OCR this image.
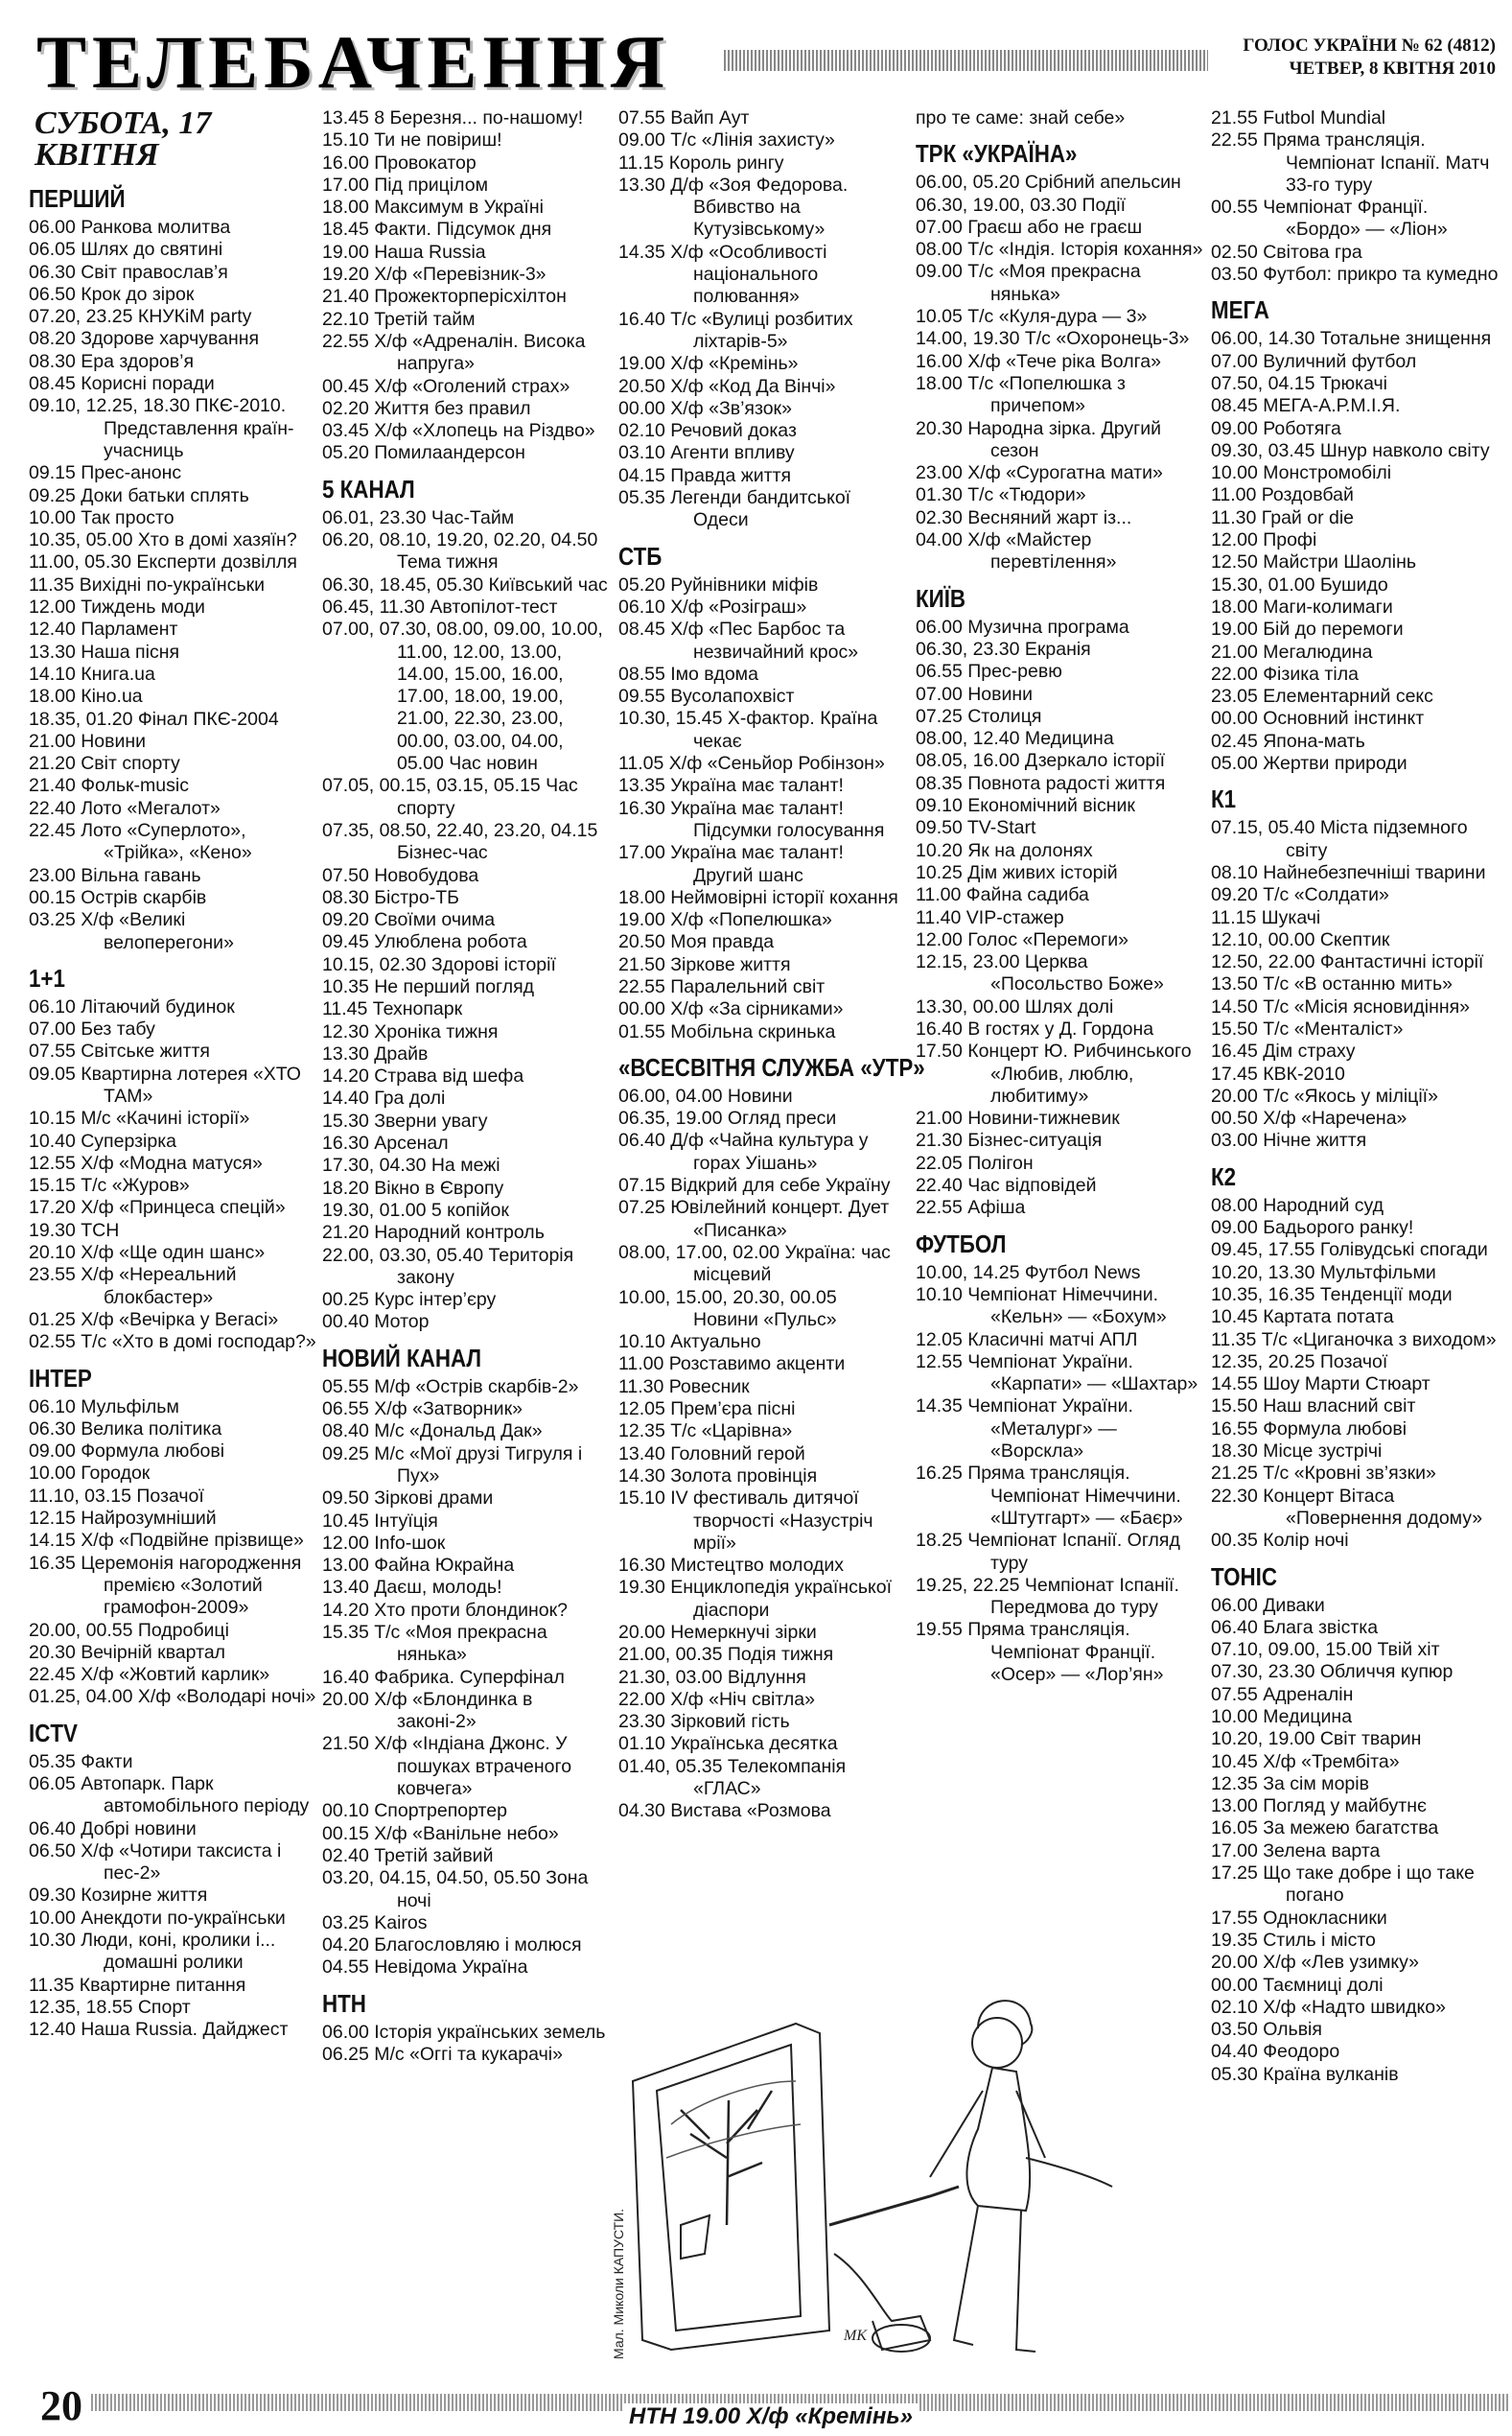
ТЕЛЕБАЧЕННЯ	ГОЛОС УКРАЇНИ № 62 (4812)
ЧЕТВЕР, 8 КВІТНЯ 2010
СУБОТА, 17 КВІТНЯ
ПЕРШИЙ
06.00 Ранкова молитва
06.05 Шлях до святині
06.30 Світ православ’я
06.50 Крок до зірок
07.20, 23.25 КНУКіМ party
08.20 Здорове харчування
08.30 Ера здоров’я
08.45 Корисні поради
09.10, 12.25, 18.30 ПКЄ-2010. Представлення країн-учасниць
09.15 Прес-анонс
09.25 Доки батьки сплять
10.00 Так просто
10.35, 05.00 Хто в домі хазяїн?
11.00, 05.30 Експерти дозвілля
11.35 Вихідні по-українськи
12.00 Тиждень моди
12.40 Парламент
13.30 Наша пісня
14.10 Книга.ua
18.00 Кіно.ua
18.35, 01.20 Фінал ПКЄ-2004
21.00 Новини
21.20 Світ спорту
21.40 Фольк-music
22.40 Лото «Мегалот»
22.45 Лото «Суперлото», «Трійка», «Кено»
23.00 Вільна гавань
00.15 Острів скарбів
03.25 Х/ф «Великі велоперегони»
1+1
06.10 Літаючий будинок
07.00 Без табу
07.55 Світське життя
09.05 Квартирна лотерея «ХТО ТАМ»
10.15 М/с «Качині історії»
10.40 Суперзірка
12.55 Х/ф «Модна матуся»
15.15 Т/с «Журов»
17.20 Х/ф «Принцеса спецій»
19.30 ТСН
20.10 Х/ф «Ще один шанс»
23.55 Х/ф «Нереальний блокбастер»
01.25 Х/ф «Вечірка у Вегасі»
02.55 Т/с «Хто в домі господар?»
ІНТЕР
06.10 Мульфільм
06.30 Велика політика
09.00 Формула любові
10.00 Городок
11.10, 03.15 Позачої
12.15 Найрозумніший
14.15 Х/ф «Подвійне прізвище»
16.35 Церемонія нагородження премією «Золотий грамофон-2009»
20.00, 00.55 Подробиці
20.30 Вечірній квартал
22.45 Х/ф «Жовтий карлик»
01.25, 04.00 Х/ф «Володарі ночі»
ICTV
05.35 Факти
06.05 Автопарк. Парк автомобільного періоду
06.40 Добрі новини
06.50 Х/ф «Чотири таксиста і пес-2»
09.30 Козирне життя
10.00 Анекдоти по-українськи
10.30 Люди, коні, кролики і... домашні ролики
11.35 Квартирне питання
12.35, 18.55 Спорт
12.40 Наша Russia. Дайджест
13.45 8 Березня... по-нашому!
15.10 Ти не повіриш!
16.00 Провокатор
17.00 Під прицілом
18.00 Максимум в Україні
18.45 Факти. Підсумок дня
19.00 Наша Russia
19.20 Х/ф «Перевізник-3»
21.40 Прожекторперісхілтон
22.10 Третій тайм
22.55 Х/ф «Адреналін. Висока напруга»
00.45 Х/ф «Оголений страх»
02.20 Життя без правил
03.45 Х/ф «Хлопець на Різдво»
05.20 Помилаандерсон
5 КАНАЛ
06.01, 23.30 Час-Тайм
06.20, 08.10, 19.20, 02.20, 04.50 Тема тижня
06.30, 18.45, 05.30 Київський час
06.45, 11.30 Автопілот-тест
07.00, 07.30, 08.00, 09.00, 10.00, 11.00, 12.00, 13.00, 14.00, 15.00, 16.00, 17.00, 18.00, 19.00, 21.00, 22.30, 23.00, 00.00, 03.00, 04.00, 05.00 Час новин
07.05, 00.15, 03.15, 05.15 Час спорту
07.35, 08.50, 22.40, 23.20, 04.15 Бізнес-час
07.50 Новобудова
08.30 Бістро-ТБ
09.20 Своїми очима
09.45 Улюблена робота
10.15, 02.30 Здорові історії
10.35 Не перший погляд
11.45 Технопарк
12.30 Хроніка тижня
13.30 Драйв
14.20 Страва від шефа
14.40 Гра долі
15.30 Зверни увагу
16.30 Арсенал
17.30, 04.30 На межі
18.20 Вікно в Європу
19.30, 01.00 5 копійок
21.20 Народний контроль
22.00, 03.30, 05.40 Територія закону
00.25 Курс інтер’єру
00.40 Мотор
НОВИЙ КАНАЛ
05.55 М/ф «Острів скарбів-2»
06.55 Х/ф «Затворник»
08.40 М/с «Дональд Дак»
09.25 М/с «Мої друзі Тигруля і Пух»
09.50 Зіркові драми
10.45 Інтуїція
12.00 Info-шок
13.00 Файна Юкрайна
13.40 Даєш, молодь!
14.20 Хто проти блондинок?
15.35 Т/с «Моя прекрасна нянька»
16.40 Фабрика. Суперфінал
20.00 Х/ф «Блондинка в законі-2»
21.50 Х/ф «Індіана Джонс. У пошуках втраченого ковчега»
00.10 Спортрепортер
00.15 Х/ф «Ванільне небо»
02.40 Третій зайвий
03.20, 04.15, 04.50, 05.50 Зона ночі
03.25 Kairos
04.20 Благословляю і молюся
04.55 Невідома Україна
НТН
06.00 Історія українських земель
06.25 М/с «Оггі та кукарачі»
07.55 Вайп Аут
09.00 Т/с «Лінія захисту»
11.15 Король рингу
13.30 Д/ф «Зоя Федорова. Вбивство на Кутузівському»
14.35 Х/ф «Особливості національного полювання»
16.40 Т/с «Вулиці розбитих ліхтарів-5»
19.00 Х/ф «Кремінь»
20.50 Х/ф «Код Да Вінчі»
00.00 Х/ф «Зв’язок»
02.10 Речовий доказ
03.10 Агенти впливу
04.15 Правда життя
05.35 Легенди бандитської Одеси
СТБ
05.20 Руйнівники міфів
06.10 Х/ф «Розіграш»
08.45 Х/ф «Пес Барбос та незвичайний крос»
08.55 Імо вдома
09.55 Вусолапохвіст
10.30, 15.45 Х-фактор. Країна чекає
11.05 Х/ф «Сеньйор Робінзон»
13.35 Україна має талант!
16.30 Україна має талант! Підсумки голосування
17.00 Україна має талант! Другий шанс
18.00 Неймовірні історії кохання
19.00 Х/ф «Попелюшка»
20.50 Моя правда
21.50 Зіркове життя
22.55 Паралельний світ
00.00 Х/ф «За сірниками»
01.55 Мобільна скринька
«ВСЕСВІТНЯ СЛУЖБА «УТР»
06.00, 04.00 Новини
06.35, 19.00 Огляд преси
06.40 Д/ф «Чайна культура у горах Уішань»
07.15 Відкрий для себе Україну
07.25 Ювілейний концерт. Дует «Писанка»
08.00, 17.00, 02.00 Україна: час місцевий
10.00, 15.00, 20.30, 00.05 Новини «Пульс»
10.10 Актуально
11.00 Розставимо акценти
11.30 Ровесник
12.05 Прем’єра пісні
12.35 Т/с «Царівна»
13.40 Головний герой
14.30 Золота провінція
15.10 IV фестиваль дитячої творчості «Назустріч мрії»
16.30 Мистецтво молодих
19.30 Енциклопедія української діаспори
20.00 Немеркнучі зірки
21.00, 00.35 Подія тижня
21.30, 03.00 Відлуння
22.00 Х/ф «Ніч світла»
23.30 Зірковий гість
01.10 Українська десятка
01.40, 05.35 Телекомпанія «ГЛАС»
04.30 Вистава «Розмова
про те саме: знай себе»
ТРК «УКРАЇНА»
06.00, 05.20 Срібний апельсин
06.30, 19.00, 03.30 Події
07.00 Граєш або не граєш
08.00 Т/с «Індія. Історія кохання»
09.00 Т/с «Моя прекрасна нянька»
10.05 Т/с «Куля-дура — 3»
14.00, 19.30 Т/с «Охоронець-3»
16.00 Х/ф «Тече ріка Волга»
18.00 Т/с «Попелюшка з причепом»
20.30 Народна зірка. Другий сезон
23.00 Х/ф «Сурогатна мати»
01.30 Т/с «Тюдори»
02.30 Весняний жарт із...
04.00 Х/ф «Майстер перевтілення»
КИЇВ
06.00 Музична програма
06.30, 23.30 Екранія
06.55 Прес-ревю
07.00 Новини
07.25 Столиця
08.00, 12.40 Медицина
08.05, 16.00 Дзеркало історії
08.35 Повнота радості життя
09.10 Економічний вісник
09.50 TV-Start
10.20 Як на долонях
10.25 Дім живих історій
11.00 Файна садиба
11.40 VIP-стажер
12.00 Голос «Перемоги»
12.15, 23.00 Церква «Посольство Боже»
13.30, 00.00 Шлях долі
16.40 В гостях у Д. Гордона
17.50 Концерт Ю. Рибчинського «Любив, люблю, любитиму»
21.00 Новини-тижневик
21.30 Бізнес-ситуація
22.05 Полігон
22.40 Час відповідей
22.55 Афіша
ФУТБОЛ
10.00, 14.25 Футбол News
10.10 Чемпіонат Німеччини. «Кельн» — «Бохум»
12.05 Класичні матчі АПЛ
12.55 Чемпіонат України. «Карпати» — «Шахтар»
14.35 Чемпіонат України. «Металург» — «Ворскла»
16.25 Пряма трансляція. Чемпіонат Німеччини. «Штутгарт» — «Баєр»
18.25 Чемпіонат Іспанії. Огляд туру
19.25, 22.25 Чемпіонат Іспанії. Передмова до туру
19.55 Пряма трансляція. Чемпіонат Франції. «Осер» — «Лор’ян»
21.55 Futbol Mundial
22.55 Пряма трансляція. Чемпіонат Іспанії. Матч 33-го туру
00.55 Чемпіонат Франції. «Бордо» — «Ліон»
02.50 Світова гра
03.50 Футбол: прикро та кумедно
МЕГА
06.00, 14.30 Тотальне знищення
07.00 Вуличний футбол
07.50, 04.15 Трюкачі
08.45 МЕГА-А.Р.М.І.Я.
09.00 Роботяга
09.30, 03.45 Шнур навколо світу
10.00 Монстромобілі
11.00 Роздовбай
11.30 Грай or die
12.00 Профі
12.50 Майстри Шаолінь
15.30, 01.00 Бушидо
18.00 Маги-колимаги
19.00 Бій до перемоги
21.00 Мегалюдина
22.00 Фізика тіла
23.05 Елементарний секс
00.00 Основний інстинкт
02.45 Япона-мать
05.00 Жертви природи
К1
07.15, 05.40 Міста підземного світу
08.10 Найнебезпечніші тварини
09.20 Т/с «Солдати»
11.15 Шукачі
12.10, 00.00 Скептик
12.50, 22.00 Фантастичні історії
13.50 Т/с «В останню мить»
14.50 Т/с «Місія ясновидіння»
15.50 Т/с «Менталіст»
16.45 Дім страху
17.45 КВК-2010
20.00 Т/с «Якось у міліції»
00.50 Х/ф «Наречена»
03.00 Нічне життя
К2
08.00 Народний суд
09.00 Бадьорого ранку!
09.45, 17.55 Голівудські спогади
10.20, 13.30 Мультфільми
10.35, 16.35 Тенденції моди
10.45 Картата потата
11.35 Т/с «Циганочка з виходом»
12.35, 20.25 Позачої
14.55 Шоу Марти Стюарт
15.50 Наш власний світ
16.55 Формула любові
18.30 Місце зустрічі
21.25 Т/с «Кровні зв’язки»
22.30 Концерт Вітаса «Повернення додому»
00.35 Колір ночі
ТОНІС
06.00 Диваки
06.40 Блага звістка
07.10, 09.00, 15.00 Твій хіт
07.30, 23.30 Обличчя купюр
07.55 Адреналін
10.00 Медицина
10.20, 19.00 Світ тварин
10.45 Х/ф «Трембіта»
12.35 За сім морів
13.00 Погляд у майбутнє
16.05 За межею багатства
17.00 Зелена варта
17.25 Що таке добре і що таке погано
17.55 Однокласники
19.35 Стиль і місто
20.00 Х/ф «Лев узимку»
00.00 Таємниці долі
02.10 Х/ф «Надто швидко»
03.50 Ольвія
04.40 Феодоро
05.30 Країна вулканів
Мал. Миколи КАПУСТИ.	МК
20	НТН 19.00 Х/ф «Кремінь»
